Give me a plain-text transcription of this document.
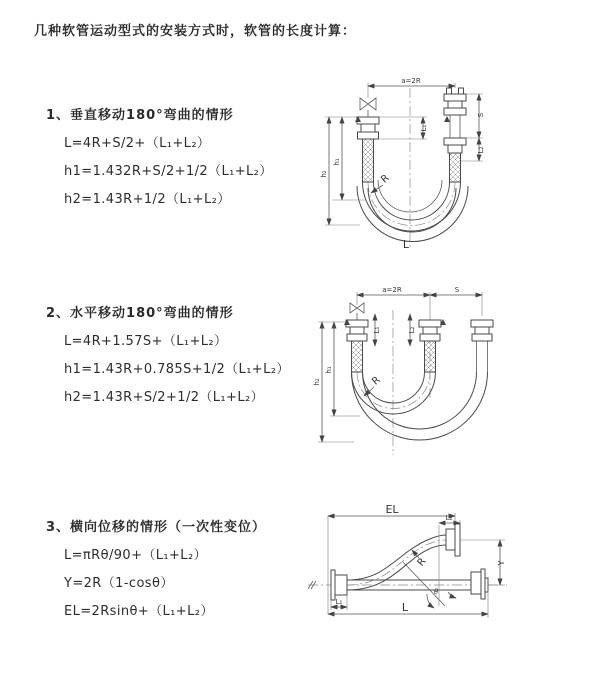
几种软管运动型式的安装方式时，软管的长度计算：
1、垂直移动180°弯曲的情形
L=4R+S/2+（L₁+L₂）
h1=1.432R+S/2+1/2（L₁+L₂）
h2=1.43R+1/2（L₁+L₂）
2、水平移动180°弯曲的情形
L=4R+1.57S+（L₁+L₂）
h1=1.43R+0.785S+1/2（L₁+L₂）
h2=1.43R+S/2+1/2（L₁+L₂）
3、横向位移的情形（一次性变位）
L=πRθ/90+（L₁+L₂）
Y=2R（1-cosθ）
EL=2Rsinθ+（L₁+L₂）
a=2R
L₁
S
L₂
h₁
h₂	R
L
a=2R	S
L₁	L₂
h₁
h₂	R
EL
L₂
Y
R
θ
L
L₁
